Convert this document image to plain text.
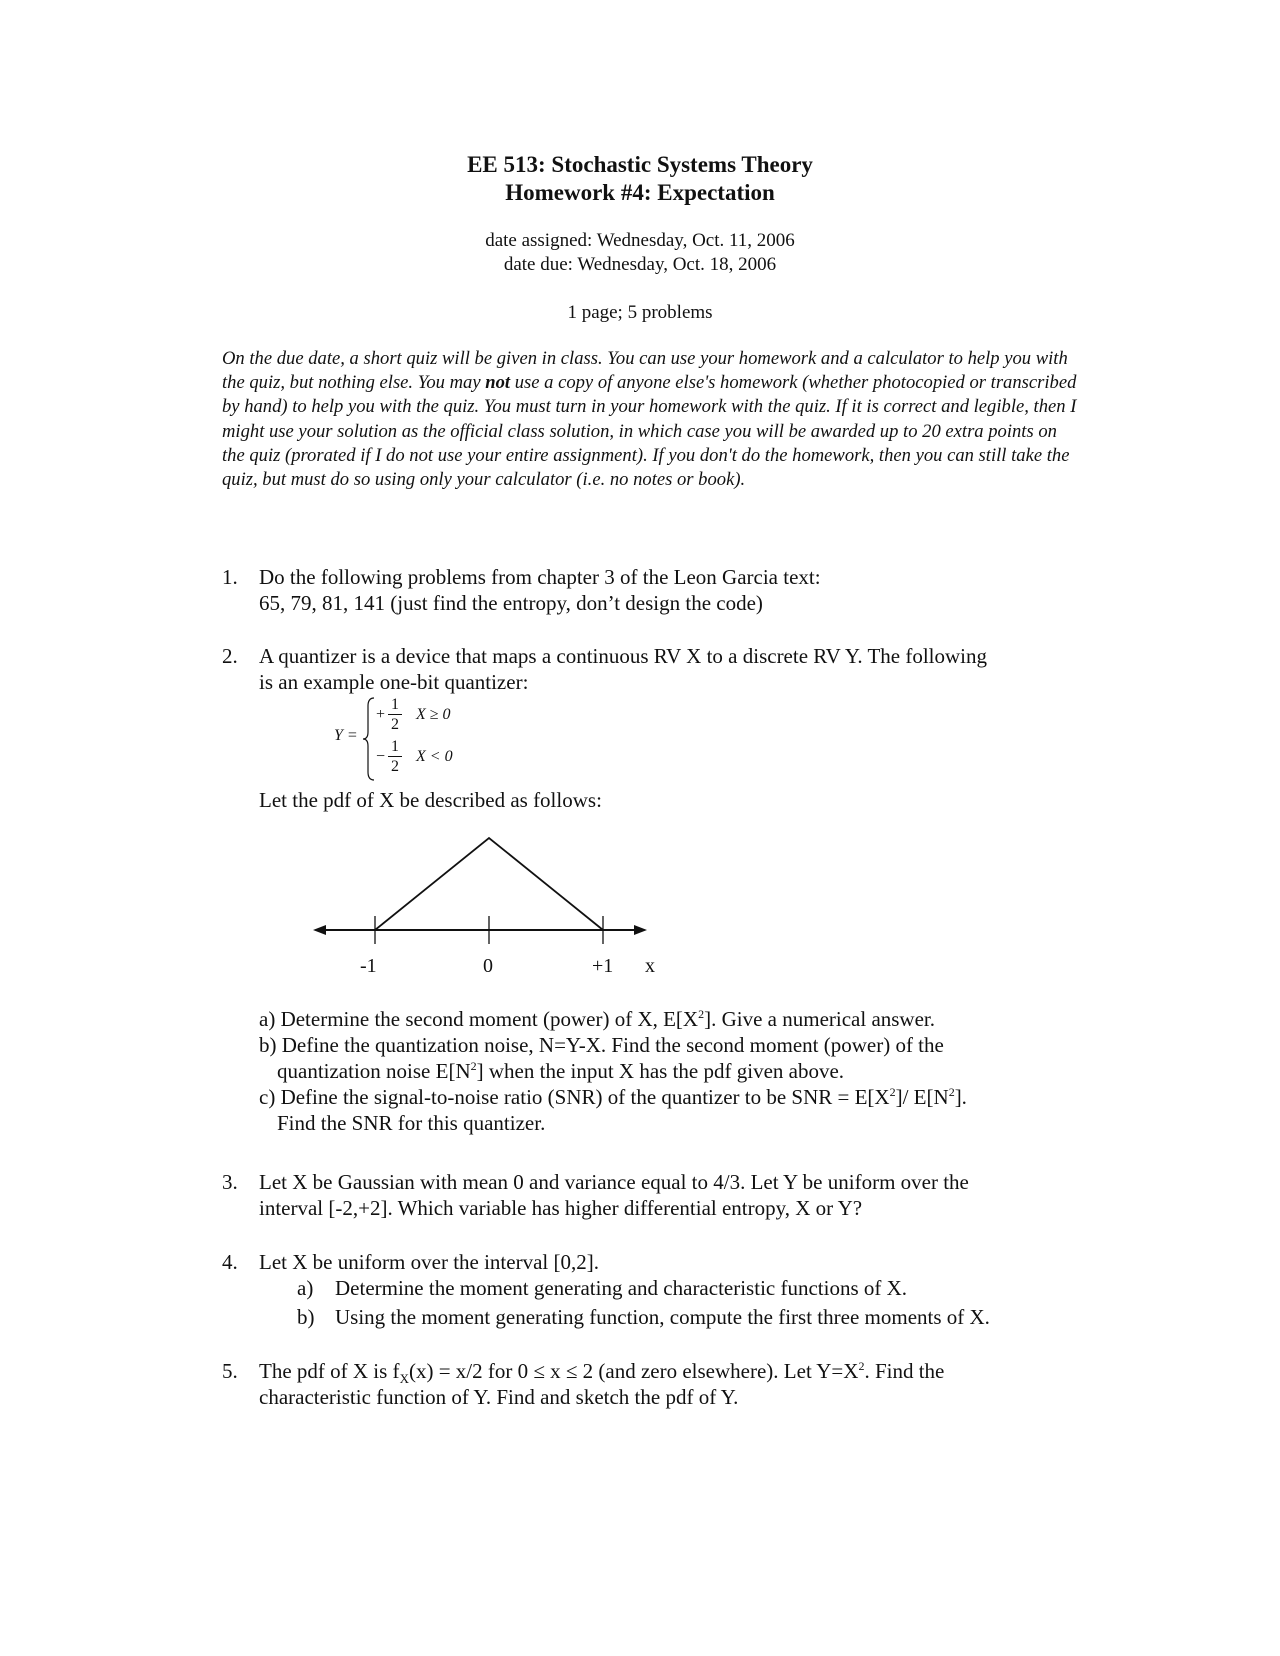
EE 513: Stochastic Systems Theory
Homework #4: Expectation
date assigned: Wednesday, Oct. 11, 2006
date due: Wednesday, Oct. 18, 2006
1 page; 5 problems

On the due date, a short quiz will be given in class. You can use your homework and a calculator to help you with the quiz, but nothing else. You may not use a copy of anyone else's homework (whether photocopied or transcribed by hand) to help you with the quiz. You must turn in your homework with the quiz. If it is correct and legible, then I might use your solution as the official class solution, in which case you will be awarded up to 20 extra points on the quiz (prorated if I do not use your entire assignment). If you don't do the homework, then you can still take the quiz, but must do so using only your calculator (i.e. no notes or book).

1. Do the following problems from chapter 3 of the Leon Garcia text:
65, 79, 81, 141 (just find the entropy, don’t design the code)
2. A quantizer is a device that maps a continuous RV X to a discrete RV Y. The following
is an example one-bit quantizer:
Y =
+
1
2
X ≥ 0
−
1
2
X < 0
Let the pdf of X be described as follows:
-1	0	+1 x
a) Determine the second moment (power) of X, $E[X^2]$. Give a numerical answer.
b) Define the quantization noise, N=Y-X. Find the second moment (power) of the
quantization noise $E[N^2]$ when the input X has the pdf given above.
c) Define the signal-to-noise ratio (SNR) of the quantizer to be SNR = $E[X^2]/$ $E[N^2]$.
Find the SNR for this quantizer.
3. Let X be Gaussian with mean 0 and variance equal to 4/3. Let Y be uniform over the
interval [-2,+2]. Which variable has higher differential entropy, X or Y?
4. Let X be uniform over the interval [0,2].
a) Determine the moment generating and characteristic functions of X.
b) Using the moment generating function, compute the first three moments of X.
5. The pdf of X is $f_X(x) = x/2$ for 0 ≤ x ≤ 2 (and zero elsewhere). Let $Y=X^2$. Find the
characteristic function of Y. Find and sketch the pdf of Y.
